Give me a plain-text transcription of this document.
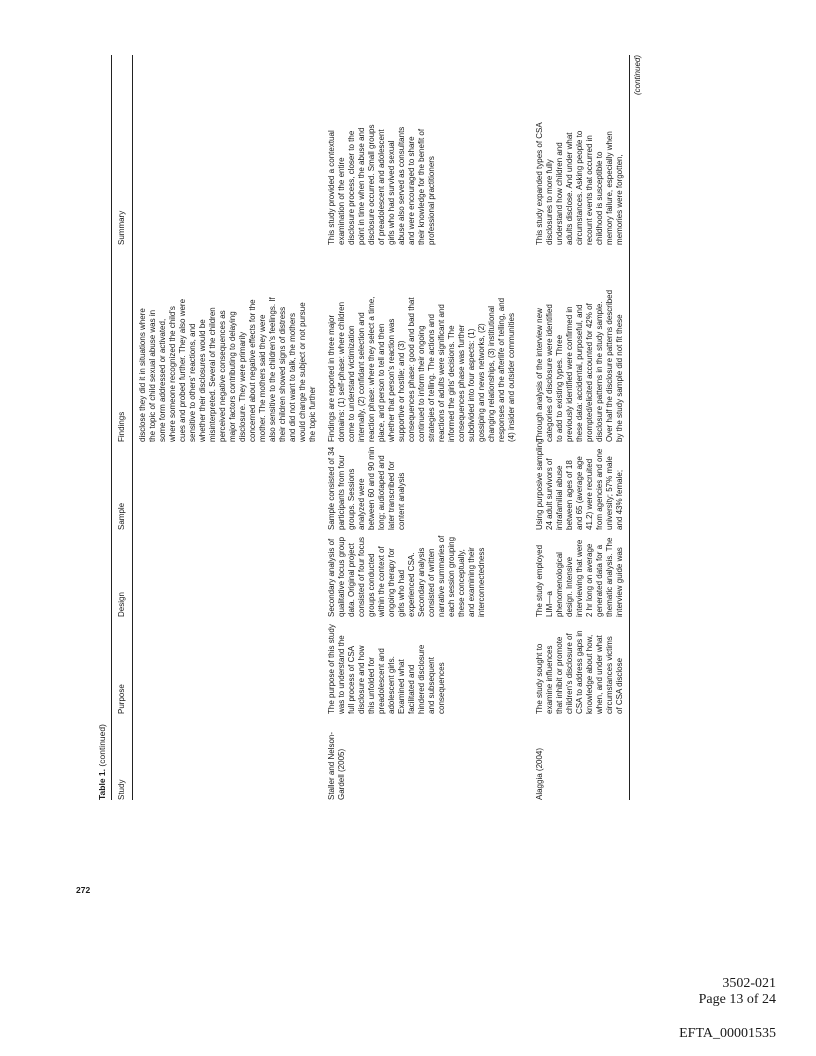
Table 1. (continued)
Study
Purpose
Design
Sample
Findings
Summary
disclose they did it in situations where the topic of child sexual abuse was in some form addressed or activated, where someone recognized the child's cues and probed further. They also were sensitive to others' reactions, and whether their disclosures would be misinterpreted. Several of the children perceived negative consequences as major factors contributing to delaying disclosure. They were primarily concerned about negative effects for the mother. The mothers said they were also sensitive to the children's feelings. If their children showed signs of distress and did not want to talk, the mothers would change the subject or not pursue the topic further
Staller and Nelson- Gardell (2005)
The purpose of this study was to understand the full process of CSA disclosure and how this unfolded for preadolescent and adolescent girls. Examined what facilitated and hindered disclosure and subsequent consequences
Secondary analysis of qualitative focus group data. Original project consisted of four focus groups conducted within the context of ongoing therapy for girls who had experienced CSA. Secondary analysis consisted of written narrative summaries of each session grouping these conceptually, and examining their interconnectedness
Sample consisted of 34 participants from four groups. Sessions analyzed were between 60 and 90 min long; audiotaped and later transcribed for content analysis
Findings are reported in three major domains: (1) self-phase: where children come to understand victimization internally, (2) confidant selection and reaction phase: where they select a time, place, and person to tell and then whether that person's reaction was supportive or hostile; and (3) consequences phase: good and bad that continued to inform their ongoing strategies of telling. The actions and reactions of adults were significant and informed the girls' decisions. The consequences phase was further subdivided into four aspects: (1) gossiping and news networks, (2) changing relationships, (3) institutional responses and the afterlife of telling, and (4) insider and outsider communities
This study provided a contextual examination of the entire disclosure process, closer to the point in time when the abuse and disclosure occurred. Small groups of preadolescent and adolescent girls who had survived sexual abuse also served as consultants and were encouraged to share their knowledge for the benefit of professional practitioners
Alaggia (2004)
The study sought to examine influences that inhibit or promote children's disclosure of CSA to address gaps in knowledge about how, when, and under what circumstances victims of CSA disclose
The study employed LIM—a phenomenological design. Intensive interviewing that were 2 hr long on average generated data for a thematic analysis. The interview guide was
Using purposive sampling 24 adult survivors of intrafamilial abuse between ages of 18 and 65 (average age 41.2) were recruited from agencies and one university; 57% male and 43% female;
Through analysis of the interview new categories of disclosure were identified to add to existing types. Three previously identified were confirmed in these data: accidental, purposeful, and prompted/elicited accounted for 42% of disclosure patterns in the study sample. Over half the disclosure patterns described by the study sample did not fit these
This study expanded types of CSA disclosures to more fully understand how children and adults disclose. And under what circumstances. Asking people to recount events that occurred in childhood is susceptible to memory failure, especially when memories were forgotten,
(continued)
272
3502-021
Page 13 of 24
EFTA_00001535
